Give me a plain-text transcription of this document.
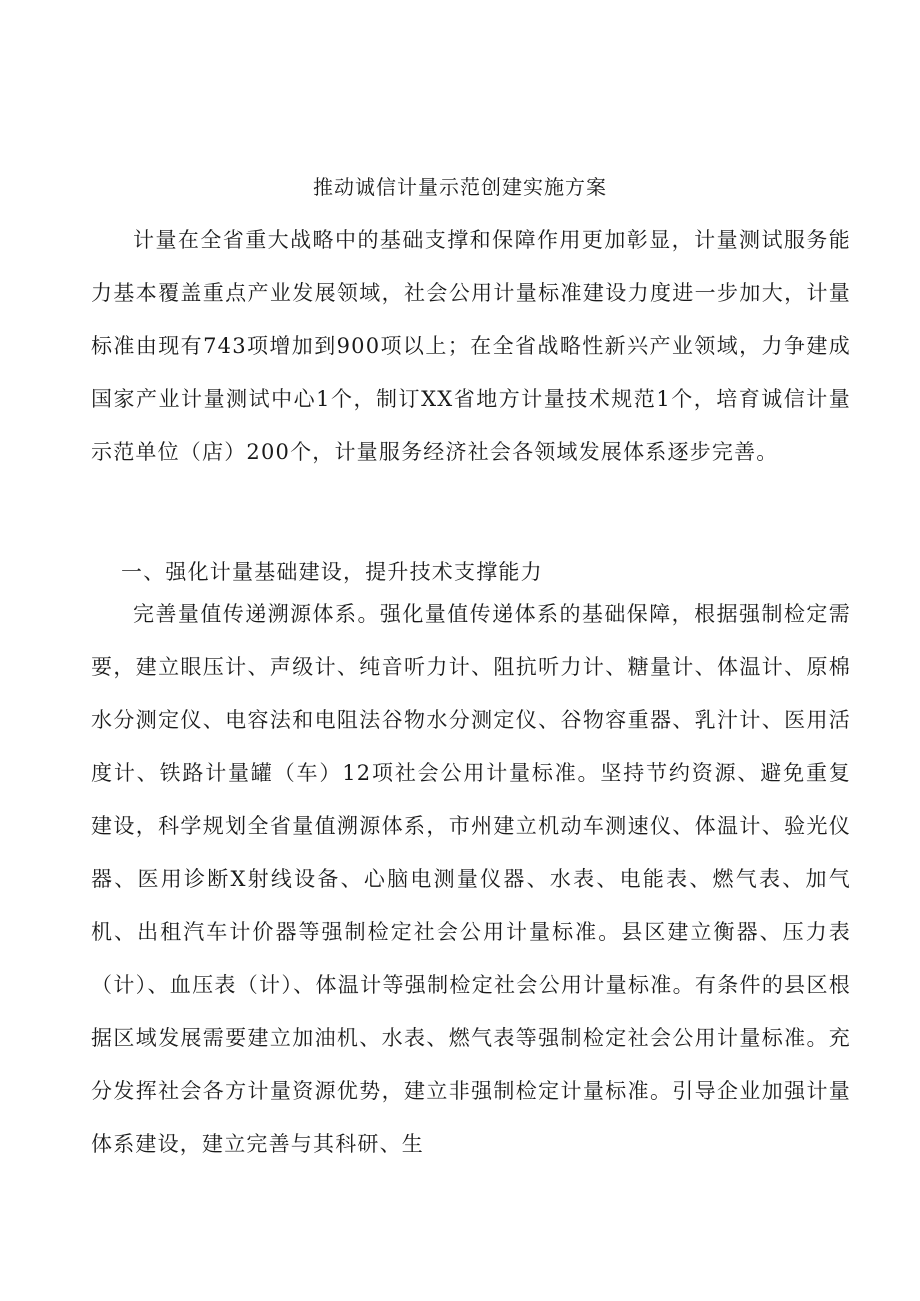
推动诚信计量示范创建实施方案

计量在全省重大战略中的基础支撑和保障作用更加彰显，计量测试服务能力基本覆盖重点产业发展领域，社会公用计量标准建设力度进一步加大，计量标准由现有743项增加到900项以上；在全省战略性新兴产业领域，力争建成国家产业计量测试中心1个，制订XX省地方计量技术规范1个，培育诚信计量示范单位（店）200个，计量服务经济社会各领域发展体系逐步完善。

一、强化计量基础建设，提升技术支撑能力

完善量值传递溯源体系。强化量值传递体系的基础保障，根据强制检定需要，建立眼压计、声级计、纯音听力计、阻抗听力计、糖量计、体温计、原棉水分测定仪、电容法和电阻法谷物水分测定仪、谷物容重器、乳汁计、医用活度计、铁路计量罐（车）12项社会公用计量标准。坚持节约资源、避免重复建设，科学规划全省量值溯源体系，市州建立机动车测速仪、体温计、验光仪器、医用诊断X射线设备、心脑电测量仪器、水表、电能表、燃气表、加气机、出租汽车计价器等强制检定社会公用计量标准。县区建立衡器、压力表（计）、血压表（计）、体温计等强制检定社会公用计量标准。有条件的县区根据区域发展需要建立加油机、水表、燃气表等强制检定社会公用计量标准。充分发挥社会各方计量资源优势，建立非强制检定计量标准。引导企业加强计量体系建设，建立完善与其科研、生
